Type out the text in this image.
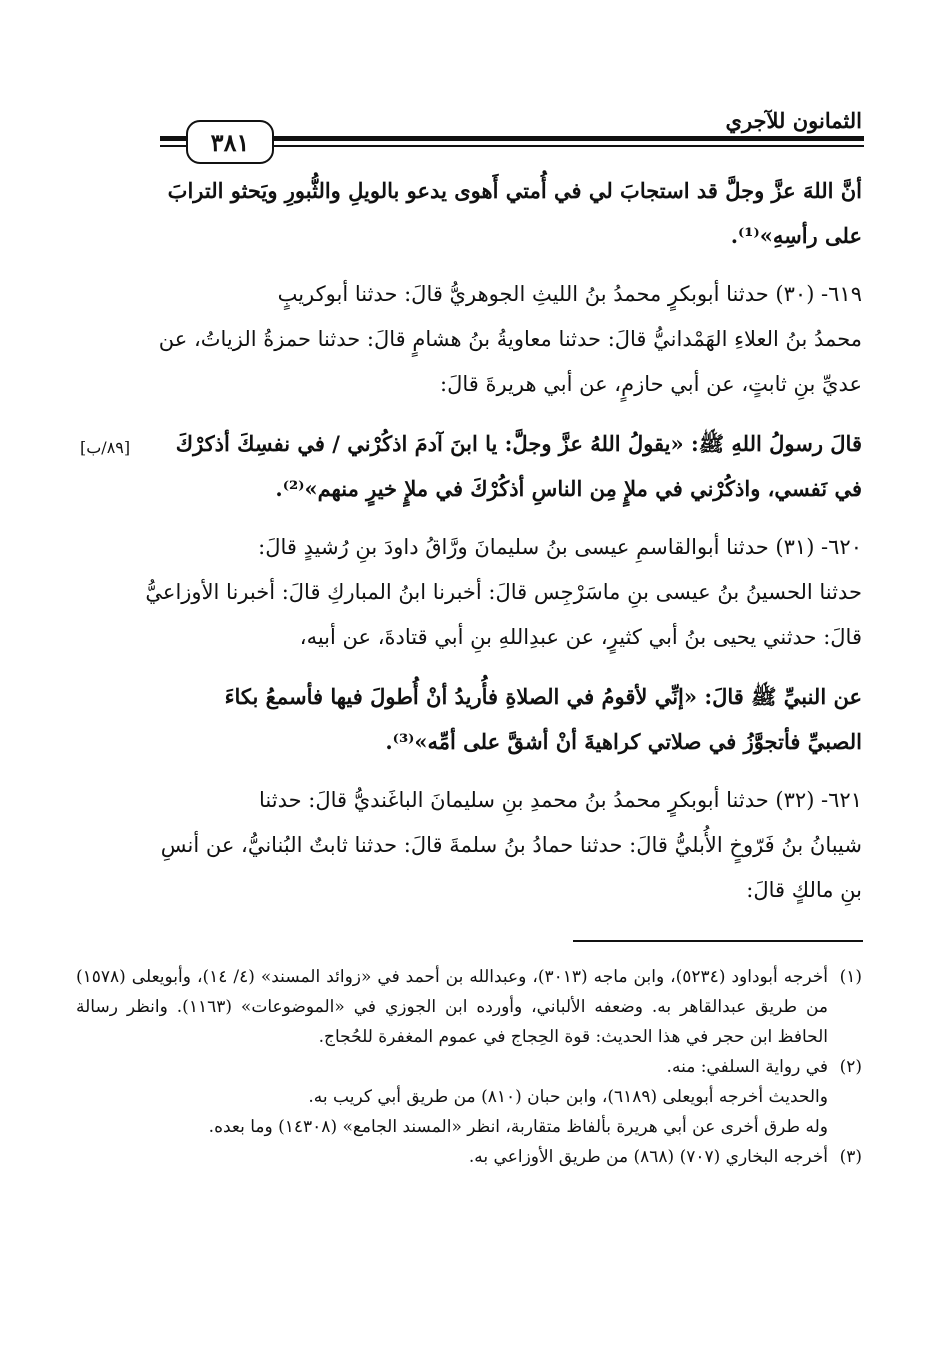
الثمانون للآجري
٣٨١
[٨٩/ب]

أنَّ اللهَ عزَّ وجلَّ قد استجابَ لي في أُمتي أَهوى يدعو بالويلِ والثُّبورِ ويَحثو الترابَ

على رأسِهِ»⁽¹⁾.

٦١٩- (٣٠) حدثنا أبوبكرٍ محمدُ بنُ الليثِ الجوهريُّ قالَ: حدثنا أبوكريبٍ

محمدُ بنُ العلاءِ الهَمْدانيُّ قالَ: حدثنا معاويةُ بنُ هشامٍ قالَ: حدثنا حمزةُ الزياتُ، عن

عديِّ بنِ ثابتٍ، عن أبي حازمٍ، عن أبي هريرةَ قالَ:

قالَ رسولُ اللهِ ﷺ: «يقولُ اللهُ عزَّ وجلَّ: يا ابنَ آدمَ اذكُرْني / في نفسِكَ أذكرْكَ

في نَفسي، واذكُرْني في ملإٍ مِن الناسِ أذكُرْكَ في ملإٍ خيرٍ منهم»⁽²⁾.

٦٢٠- (٣١) حدثنا أبوالقاسمِ عيسى بنُ سليمانَ ورَّاقُ داودَ بنِ رُشيدٍ قالَ:

حدثنا الحسينُ بنُ عيسى بنِ ماسَرْجِس قالَ: أخبرنا ابنُ المباركِ قالَ: أخبرنا الأوزاعيُّ

قالَ: حدثني يحيى بنُ أبي كثيرٍ، عن عبدِاللهِ بنِ أبي قتادةَ، عن أبيه،

عن النبيِّ ﷺ قالَ: «إنِّي لأقومُ في الصلاةِ فأُريدُ أنْ أُطولَ فيها فأسمعُ بكاءَ

الصبيِّ فأتجوَّزُ في صلاتي كراهيةَ أنْ أشقَّ على أمِّه»⁽³⁾.

٦٢١- (٣٢) حدثنا أبوبكرٍ محمدُ بنُ محمدِ بنِ سليمانَ الباغَنديُّ قالَ: حدثنا

شيبانُ بنُ فَرّوخٍ الأُبليُّ قالَ: حدثنا حمادُ بنُ سلمةَ قالَ: حدثنا ثابتٌ البُنانيُّ، عن أنسِ

بنِ مالكٍ قالَ:

(١)
أخرجه أبوداود (٥٢٣٤)، وابن ماجه (٣٠١٣)، وعبدالله بن أحمد في «زوائد المسند» (٤/ ١٤)، وأبويعلى (١٥٧٨) من طريق عبدالقاهر به. وضعفه الألباني، وأورده ابن الجوزي في «الموضوعات» (١١٦٣). وانظر رسالة الحافظ ابن حجر في هذا الحديث: قوة الحِجاج في عموم المغفرة للحُجاج.
(٢)
في رواية السلفي: منه.
والحديث أخرجه أبويعلى (٦١٨٩)، وابن حبان (٨١٠) من طريق أبي كريب به.
وله طرق أخرى عن أبي هريرة بألفاظ متقاربة، انظر «المسند الجامع» (١٤٣٠٨) وما بعده.
(٣)
أخرجه البخاري (٧٠٧) (٨٦٨) من طريق الأوزاعي به.
